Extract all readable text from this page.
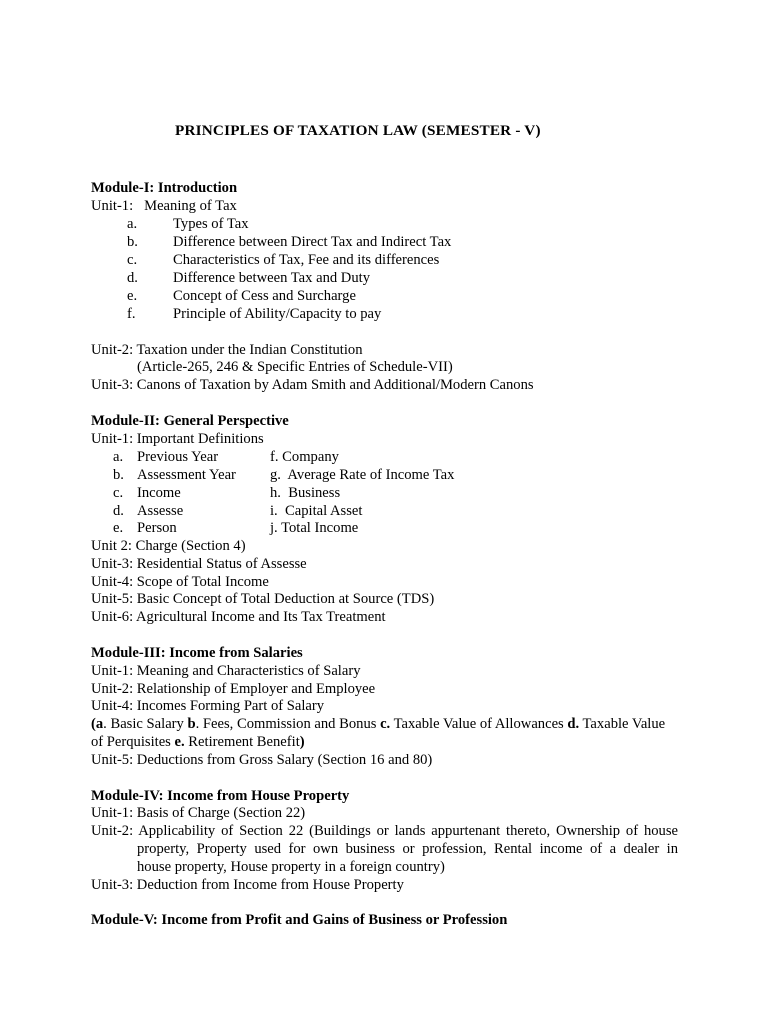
PRINCIPLES OF TAXATION LAW (SEMESTER - V)
Module-I: Introduction
Unit-1:   Meaning of Tax
a. Types of Tax
b. Difference between Direct Tax and Indirect Tax
c. Characteristics of Tax, Fee and its differences
d. Difference between Tax and Duty
e. Concept of Cess and Surcharge
f.	Principle of Ability/Capacity to pay
Unit-2: Taxation under the Indian Constitution
(Article-265, 246 & Specific Entries of Schedule-VII)
Unit-3: Canons of Taxation by Adam Smith and Additional/Modern Canons
Module-II: General Perspective
Unit-1: Important Definitions
a. Previous Year	f. Company
b. Assessment Year g.  Average Rate of Income Tax
c. Income	h.  Business
d. Assesse	i.  Capital Asset
e. Person	j. Total Income
Unit 2: Charge (Section 4)
Unit-3: Residential Status of Assesse
Unit-4: Scope of Total Income
Unit-5: Basic Concept of Total Deduction at Source (TDS)
Unit-6: Agricultural Income and Its Tax Treatment
Module-III: Income from Salaries
Unit-1: Meaning and Characteristics of Salary
Unit-2: Relationship of Employer and Employee
Unit-4: Incomes Forming Part of Salary
(a. Basic Salary b. Fees, Commission and Bonus c. Taxable Value of Allowances d. Taxable Value
of Perquisites e. Retirement Benefit)
Unit-5: Deductions from Gross Salary (Section 16 and 80)
Module-IV: Income from House Property
Unit-1: Basis of Charge (Section 22)
Unit-2: Applicability of Section 22 (Buildings or lands appurtenant thereto, Ownership of house
property, Property used for own business or profession, Rental income of a dealer in
house property, House property in a foreign country)
Unit-3: Deduction from Income from House Property
Module-V: Income from Profit and Gains of Business or Profession
